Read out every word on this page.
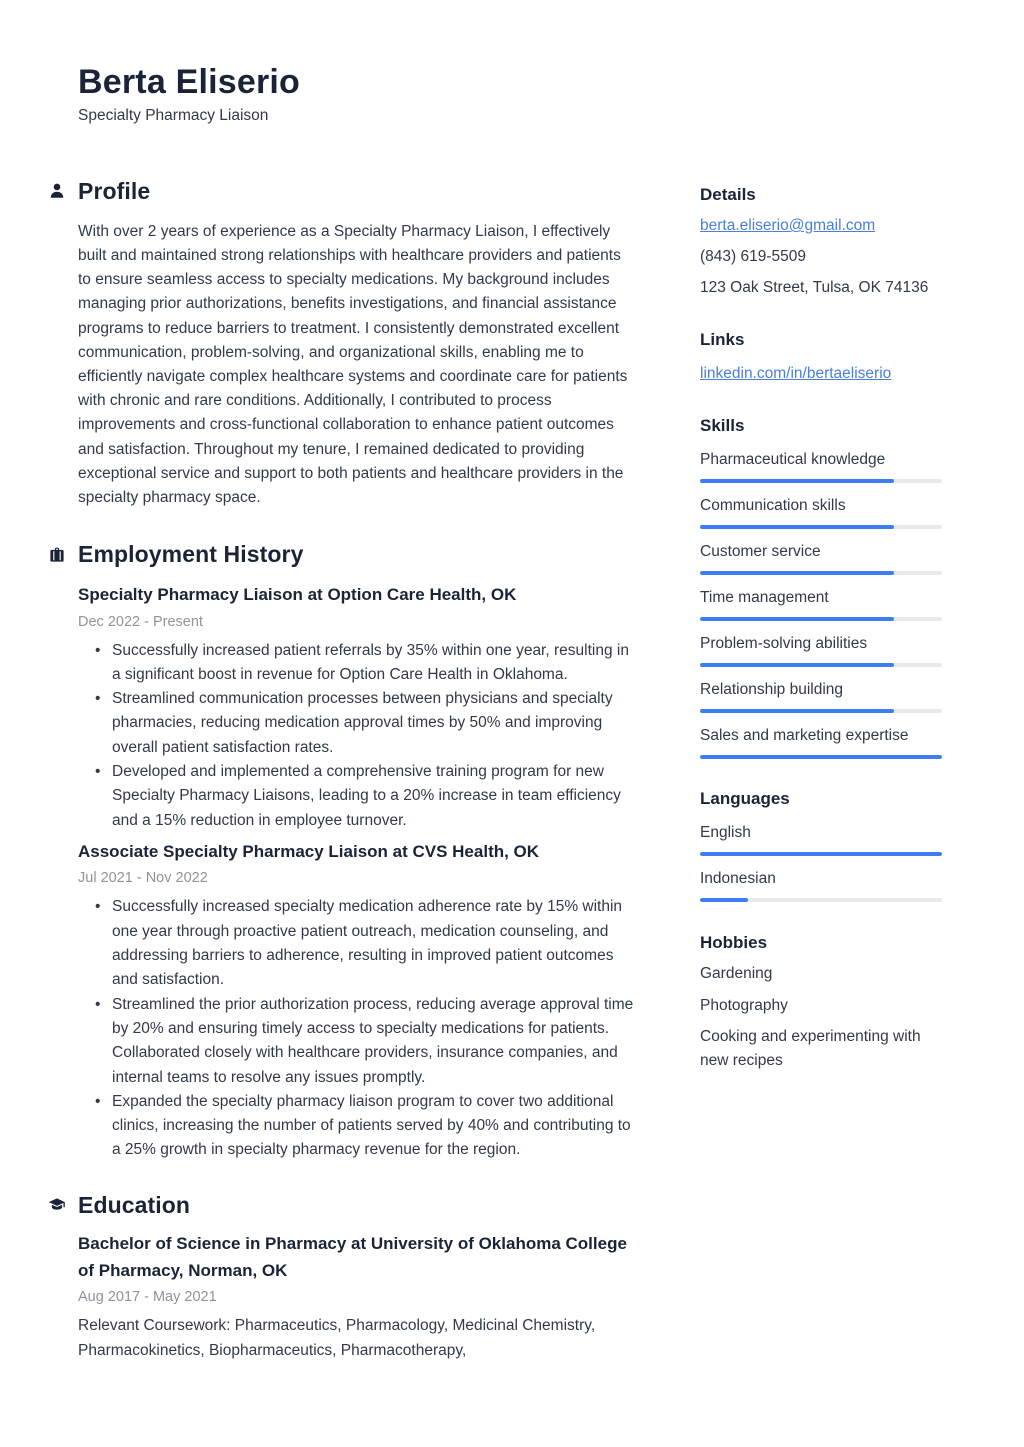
Berta Eliserio
Specialty Pharmacy Liaison
Profile

With over 2 years of experience as a Specialty Pharmacy Liaison, I effectively built and maintained strong relationships with healthcare providers and patients to ensure seamless access to specialty medications. My background includes managing prior authorizations, benefits investigations, and financial assistance programs to reduce barriers to treatment. I consistently demonstrated excellent communication, problem-solving, and organizational skills, enabling me to efficiently navigate complex healthcare systems and coordinate care for patients with chronic and rare conditions. Additionally, I contributed to process improvements and cross-functional collaboration to enhance patient outcomes and satisfaction. Throughout my tenure, I remained dedicated to providing exceptional service and support to both patients and healthcare providers in the specialty pharmacy space.

Employment History
Specialty Pharmacy Liaison at Option Care Health, OK
Dec 2022 - Present
• Successfully increased patient referrals by 35% within one year, resulting in a significant boost in revenue for Option Care Health in Oklahoma.
• Streamlined communication processes between physicians and specialty pharmacies, reducing medication approval times by 50% and improving overall patient satisfaction rates.
• Developed and implemented a comprehensive training program for new Specialty Pharmacy Liaisons, leading to a 20% increase in team efficiency and a 15% reduction in employee turnover.
Associate Specialty Pharmacy Liaison at CVS Health, OK
Jul 2021 - Nov 2022
• Successfully increased specialty medication adherence rate by 15% within one year through proactive patient outreach, medication counseling, and addressing barriers to adherence, resulting in improved patient outcomes and satisfaction.
• Streamlined the prior authorization process, reducing average approval time by 20% and ensuring timely access to specialty medications for patients. Collaborated closely with healthcare providers, insurance companies, and internal teams to resolve any issues promptly.
• Expanded the specialty pharmacy liaison program to cover two additional clinics, increasing the number of patients served by 40% and contributing to a 25% growth in specialty pharmacy revenue for the region.
Education
Bachelor of Science in Pharmacy at University of Oklahoma College of Pharmacy, Norman, OK
Aug 2017 - May 2021

Relevant Coursework: Pharmaceutics, Pharmacology, Medicinal Chemistry, Pharmacokinetics, Biopharmaceutics, Pharmacotherapy,

Details
berta.eliserio@gmail.com
(843) 619-5509
123 Oak Street, Tulsa, OK 74136
Links
linkedin.com/in/bertaeliserio
Skills
Pharmaceutical knowledge
Communication skills
Customer service
Time management
Problem-solving abilities
Relationship building
Sales and marketing expertise
Languages
English
Indonesian
Hobbies
Gardening
Photography
Cooking and experimenting with new recipes
